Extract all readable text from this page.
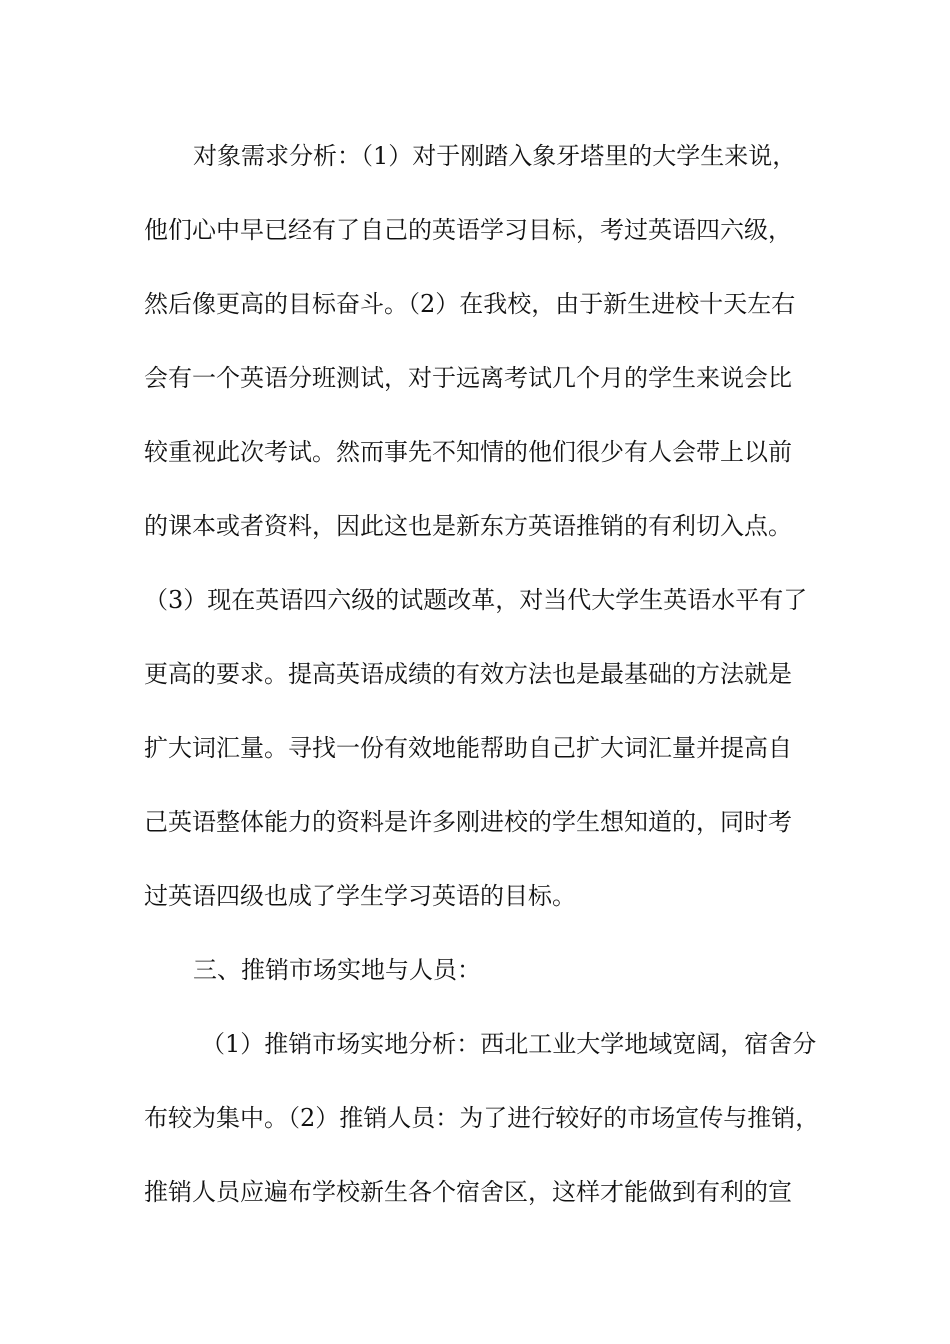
对象需求分析：（1）对于刚踏入象牙塔里的大学生来说，
他们心中早已经有了自己的英语学习目标，考过英语四六级，
然后像更高的目标奋斗。（2）在我校，由于新生进校十天左右
会有一个英语分班测试，对于远离考试几个月的学生来说会比
较重视此次考试。然而事先不知情的他们很少有人会带上以前
的课本或者资料，因此这也是新东方英语推销的有利切入点。
（3）现在英语四六级的试题改革，对当代大学生英语水平有了
更高的要求。提高英语成绩的有效方法也是最基础的方法就是
扩大词汇量。寻找一份有效地能帮助自己扩大词汇量并提高自
己英语整体能力的资料是许多刚进校的学生想知道的，同时考
过英语四级也成了学生学习英语的目标。
三、推销市场实地与人员：
（1）推销市场实地分析：西北工业大学地域宽阔，宿舍分
布较为集中。（2）推销人员：为了进行较好的市场宣传与推销，
推销人员应遍布学校新生各个宿舍区，这样才能做到有利的宣
